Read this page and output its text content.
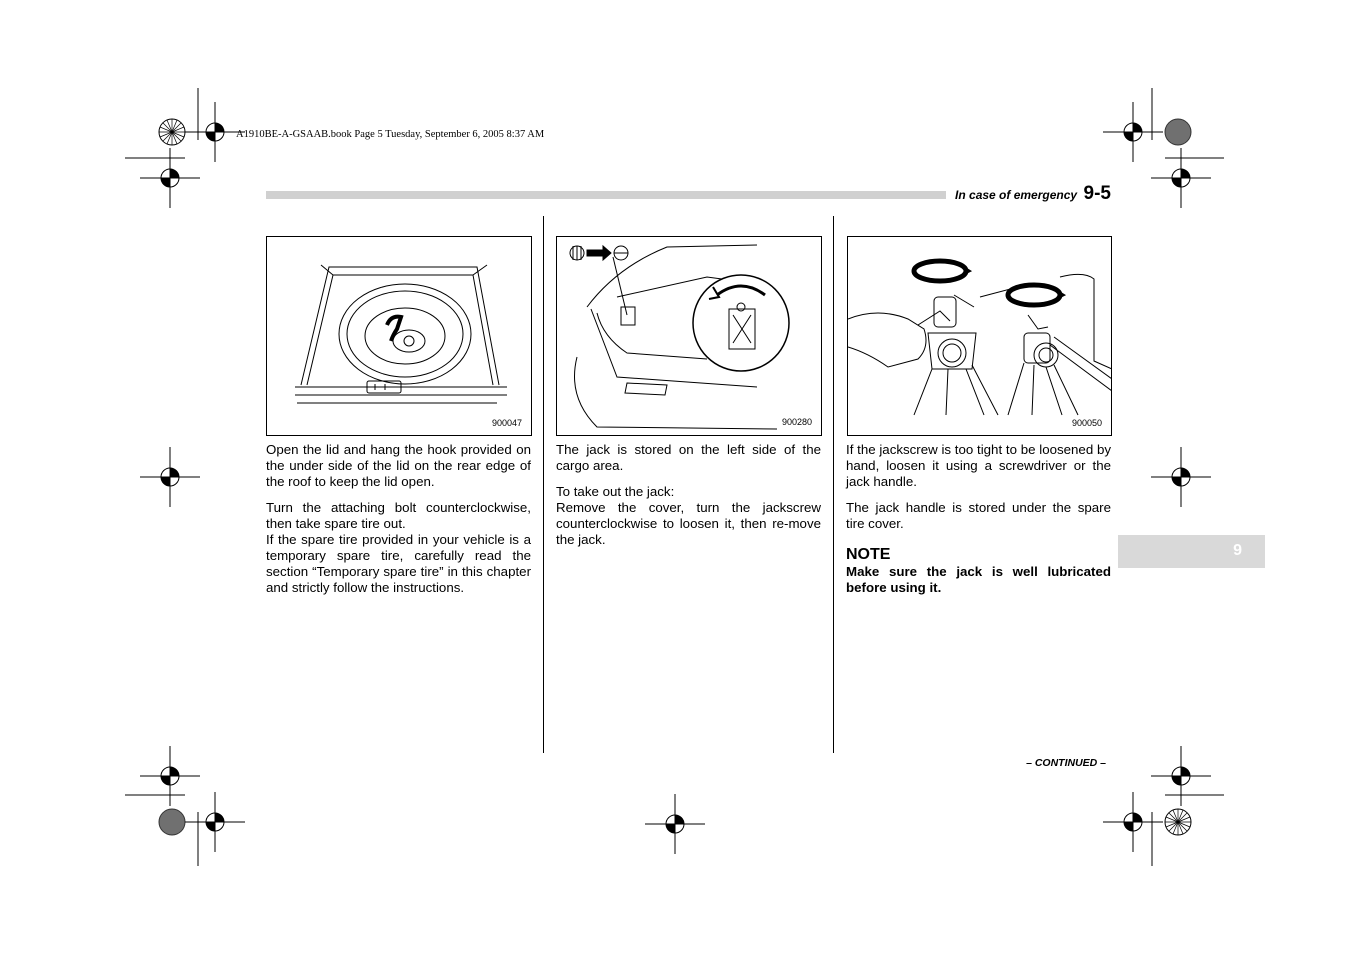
A1910BE-A-GSAAB.book Page 5 Tuesday, September 6, 2005 8:37 AM
In case of emergency 9-5
900047	900280	900050

Open the lid and hang the hook provided on the under side of the lid on the rear edge of the roof to keep the lid open.

Turn the attaching bolt counterclockwise, then take spare tire out.

If the spare tire provided in your vehicle is a temporary spare tire, carefully read the section “Temporary spare tire” in this chapter and strictly follow the instructions.

The jack is stored on the left side of the cargo area.

To take out the jack:

Remove the cover, turn the jackscrew counterclockwise to loosen it, then re-move the jack.

If the jackscrew is too tight to be loosened by hand, loosen it using a screwdriver or the jack handle.

The jack handle is stored under the spare tire cover.

NOTE

Make sure the jack is well lubricated before using it.

9
– CONTINUED –
